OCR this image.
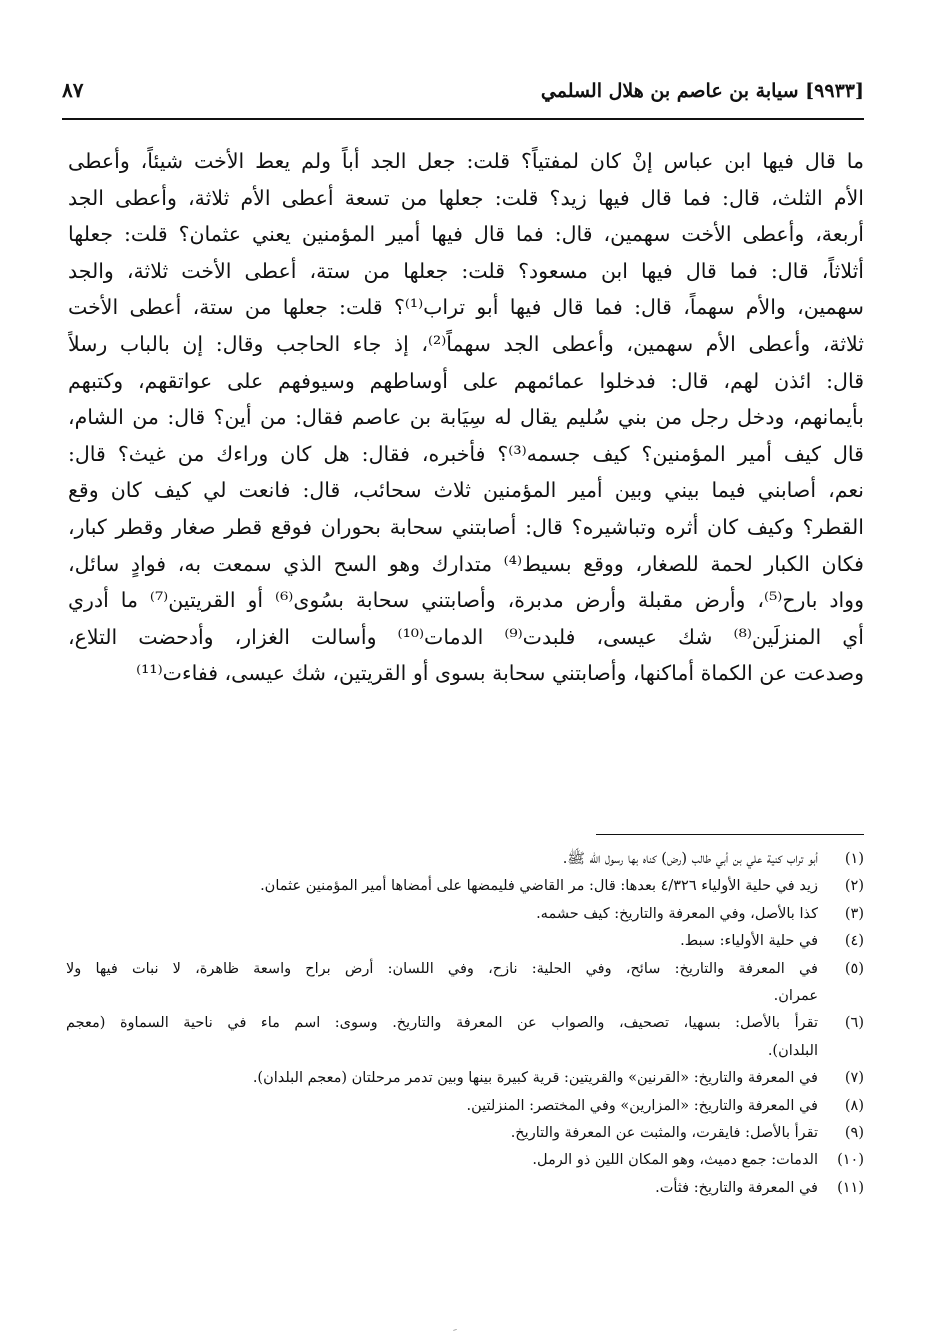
[٩٩٣٣] سيابة بن عاصم بن هلال السلمي
٨٧
ما قال فيها ابن عباس إنْ كان لمفتياً؟ قلت: جعل الجد أباً ولم يعط الأخت شيئاً، وأعطى
الأم الثلث، قال: فما قال فيها زيد؟ قلت: جعلها من تسعة أعطى الأم ثلاثة، وأعطى الجد
أربعة، وأعطى الأخت سهمين، قال: فما قال فيها أمير المؤمنين يعني عثمان؟ قلت: جعلها
أثلاثاً، قال: فما قال فيها ابن مسعود؟ قلت: جعلها من ستة، أعطى الأخت ثلاثة، والجد
سهمين، والأم سهماً، قال: فما قال فيها أبو تراب⁽¹⁾؟ قلت: جعلها من ستة، أعطى الأخت
ثلاثة، وأعطى الأم سهمين، وأعطى الجد سهماً⁽²⁾، إذ جاء الحاجب وقال: إن بالباب رسلاً
قال: ائذن لهم، قال: فدخلوا عمائمهم على أوساطهم وسيوفهم على عواتقهم، وكتبهم
بأيمانهم، ودخل رجل من بني سُليم يقال له سِيَابة بن عاصم فقال: من أين؟ قال: من الشام،
قال كيف أمير المؤمنين؟ كيف جسمه⁽³⁾؟ فأخبره، فقال: هل كان وراءك من غيث؟ قال:
نعم، أصابني فيما بيني وبين أمير المؤمنين ثلاث سحائب، قال: فانعت لي كيف كان وقع
القطر؟ وكيف كان أثره وتباشيره؟ قال: أصابتني سحابة بحوران فوقع قطر صغار وقطر كبار،
فكان الكبار لحمة للصغار، ووقع بسيط⁽⁴⁾ متدارك وهو السح الذي سمعت به، فوادٍ سائل،
وواد بارح⁽⁵⁾، وأرض مقبلة وأرض مدبرة، وأصابتني سحابة بسُوى⁽⁶⁾ أو القريتين⁽⁷⁾ ما أدري
أي المنزلَين⁽⁸⁾ شك عيسى، فلبدت⁽⁹⁾ الدمات⁽¹⁰⁾ وأسالت الغزار، وأدحضت التلاع،
وصدعت عن الكماة أماكنها، وأصابتني سحابة بسوى أو القريتين، شك عيسى، ففاءت⁽¹¹⁾
(١)
أبو تراب كنية علي بن أبي طالب (رض) كناه بها رسول الله ﷺ.
(٢)
زيد في حلية الأولياء ٤/٣٢٦ بعدها: قال: مر القاضي فليمضها على أمضاها أمير المؤمنين عثمان.
(٣)
كذا بالأصل، وفي المعرفة والتاريخ: كيف حشمه.
(٤)
في حلية الأولياء: سبط.
(٥)
في المعرفة والتاريخ: سائح، وفي الحلية: نازح، وفي اللسان: أرض براح واسعة ظاهرة، لا نبات فيها ولا
عمران.
(٦)
تقرأ بالأصل: بسهيا، تصحيف، والصواب عن المعرفة والتاريخ. وسوى: اسم ماء في ناحية السماوة (معجم
البلدان).
(٧)
في المعرفة والتاريخ: «القرنين» والقريتين: قرية كبيرة بينها وبين تدمر مرحلتان (معجم البلدان).
(٨)
في المعرفة والتاريخ: «المزارين» وفي المختصر: المنزلتين.
(٩)
تقرأ بالأصل: فايقرت، والمثبت عن المعرفة والتاريخ.
(١٠)
الدمات: جمع دميث، وهو المكان اللين ذو الرمل.
(١١)
في المعرفة والتاريخ: فثأت.
